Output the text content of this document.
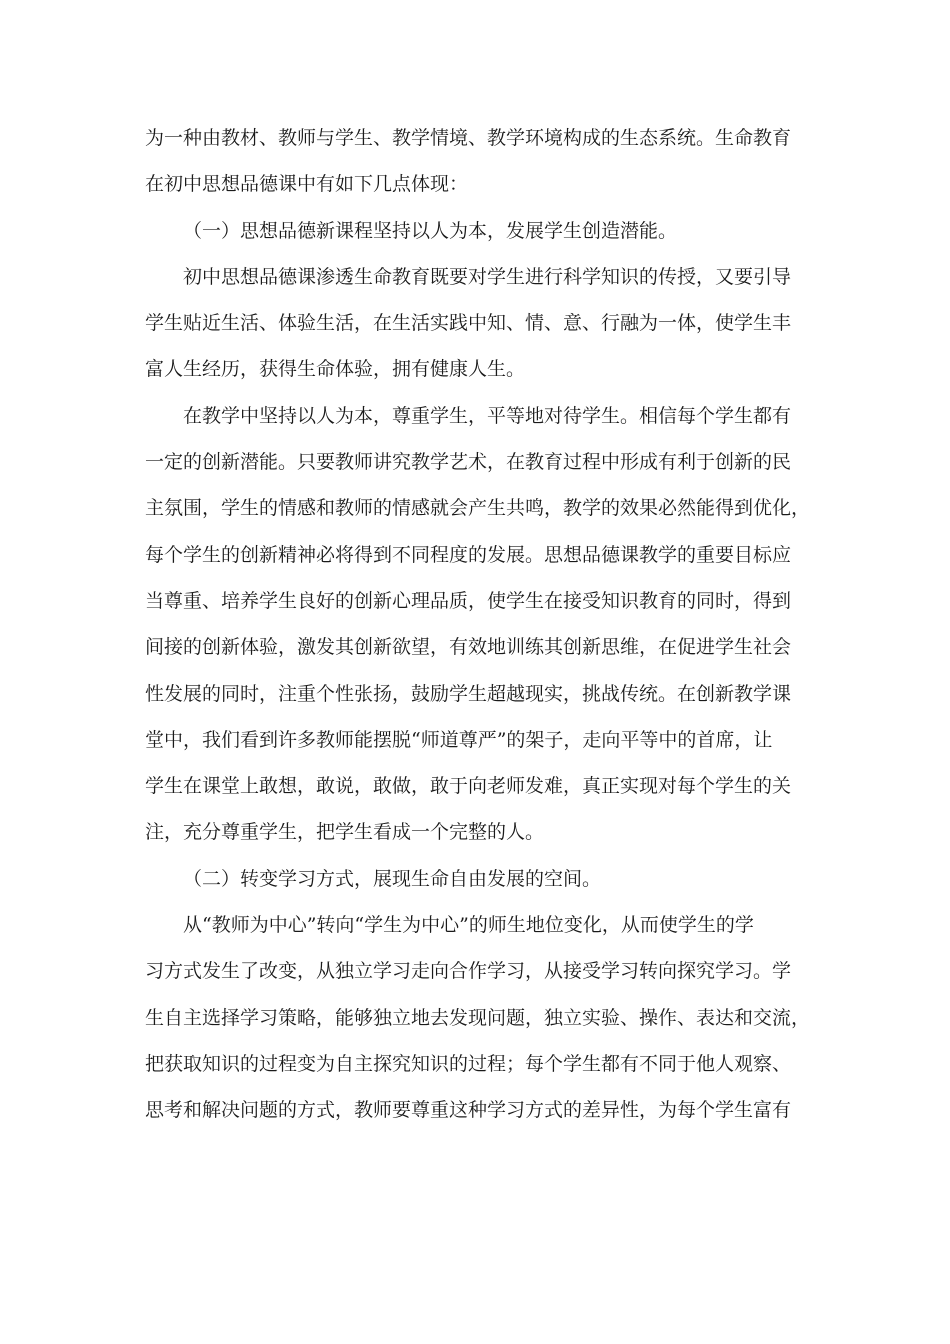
为一种由教材、教师与学生、教学情境、教学环境构成的生态系统。生命教育
在初中思想品德课中有如下几点体现：
（一）思想品德新课程坚持以人为本，发展学生创造潜能。
初中思想品德课渗透生命教育既要对学生进行科学知识的传授，又要引导
学生贴近生活、体验生活，在生活实践中知、情、意、行融为一体，使学生丰
富人生经历，获得生命体验，拥有健康人生。
在教学中坚持以人为本，尊重学生，平等地对待学生。相信每个学生都有
一定的创新潜能。只要教师讲究教学艺术，在教育过程中形成有利于创新的民
主氛围，学生的情感和教师的情感就会产生共鸣，教学的效果必然能得到优化，
每个学生的创新精神必将得到不同程度的发展。思想品德课教学的重要目标应
当尊重、培养学生良好的创新心理品质，使学生在接受知识教育的同时，得到
间接的创新体验，激发其创新欲望，有效地训练其创新思维，在促进学生社会
性发展的同时，注重个性张扬，鼓励学生超越现实，挑战传统。在创新教学课
堂中，我们看到许多教师能摆脱“师道尊严”的架子，走向平等中的首席，让
学生在课堂上敢想，敢说，敢做，敢于向老师发难，真正实现对每个学生的关
注，充分尊重学生，把学生看成一个完整的人。
（二）转变学习方式，展现生命自由发展的空间。
从“教师为中心”转向“学生为中心”的师生地位变化，从而使学生的学
习方式发生了改变，从独立学习走向合作学习，从接受学习转向探究学习。学
生自主选择学习策略，能够独立地去发现问题，独立实验、操作、表达和交流，
把获取知识的过程变为自主探究知识的过程；每个学生都有不同于他人观察、
思考和解决问题的方式，教师要尊重这种学习方式的差异性，为每个学生富有
